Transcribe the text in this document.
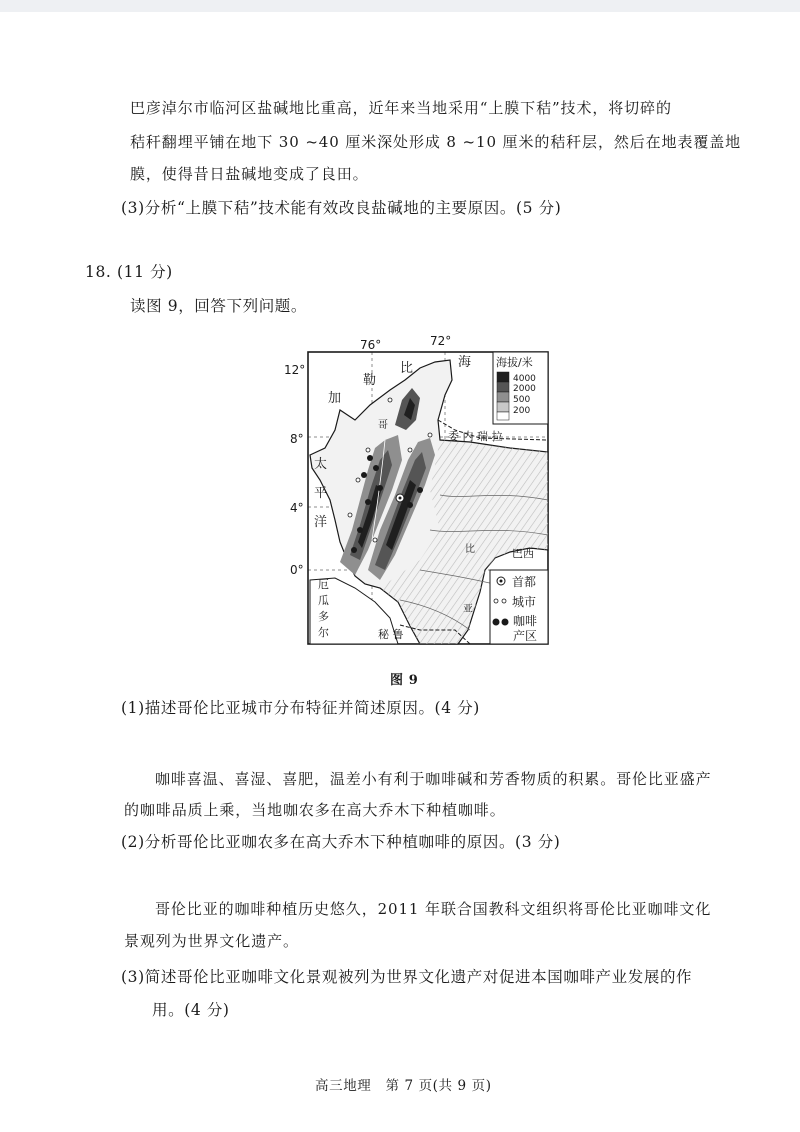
巴彦淖尔市临河区盐碱地比重高，近年来当地采用“上膜下秸”技术，将切碎的
秸秆翻埋平铺在地下 30 ~40 厘米深处形成 8 ~10 厘米的秸秆层，然后在地表覆盖地
膜，使得昔日盐碱地变成了良田。
(3)分析“上膜下秸”技术能有效改良盐碱地的主要原因。(5 分)
18. (11 分)
读图 9，回答下列问题。
76°	72°
12°
8°
4°
0°
加
勒
比	海
太
平
洋
委 内 瑞 拉
巴西
秘 鲁
厄
瓜
多
尔
哥
比
亚
海拔/米
4000
2000
500
200
首都
城市
咖啡
产区
图 9
(1)描述哥伦比亚城市分布特征并简述原因。(4 分)
咖啡喜温、喜湿、喜肥，温差小有利于咖啡碱和芳香物质的积累。哥伦比亚盛产
的咖啡品质上乘，当地咖农多在高大乔木下种植咖啡。
(2)分析哥伦比亚咖农多在高大乔木下种植咖啡的原因。(3 分)
哥伦比亚的咖啡种植历史悠久，2011 年联合国教科文组织将哥伦比亚咖啡文化
景观列为世界文化遗产。
(3)简述哥伦比亚咖啡文化景观被列为世界文化遗产对促进本国咖啡产业发展的作
用。(4 分)
高三地理　第 7 页(共 9 页)
